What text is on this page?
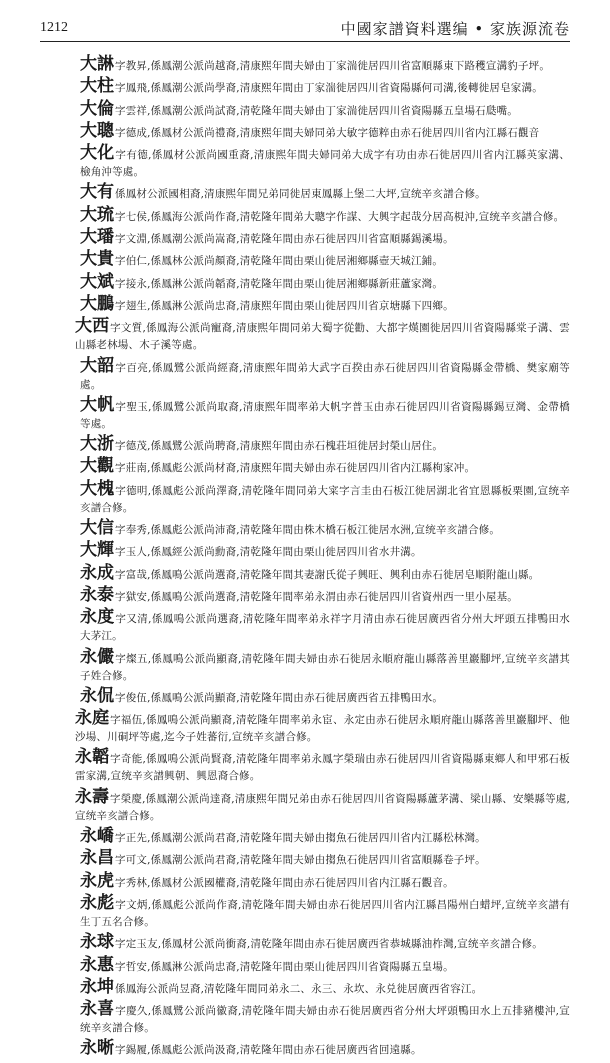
1212	中國家譜資料選编 • 家族源流卷
大諃字教昇,係鳳潮公派尚越裔,清康熙年間夫婦由丁家湍徙居四川省富順縣東下路穫宣溝豹子坪。
大柱字鳳飛,係鳳潮公派尚學裔,清康熙年間由丁家湍徙居四川省資陽縣何司溝,後轉徙居皂家溝。
大倫字雲祥,係鳳潮公派尚試裔,清乾隆年間夫婦由丁家湍徙居四川省資陽縣五皇場石瓞嘴。
大聰字德成,係鳳材公派尚禮裔,清康熙年間夫婦同弟大敏字德粹由赤石徙居四川省内江縣石觀音
大化字有德,係鳳材公派尚國重裔,清康熙年間夫婦同弟大成字有功由赤石徙居四川省内江縣英家溝、檢角沖等處。
大有係鳳材公派國相裔,清康熙年間兄弟同徙居東鳳縣上堡二大坪,宣统辛亥譜合修。
大琉字七侯,係鳳海公派尚作裔,清乾隆年間弟大聰字作謀、大興字起哉分居高梘沖,宣统辛亥譜合修。
大璠字文淵,係鳳潮公派尚嵩裔,清乾隆年間由赤石徙居四川省富順縣錫溪場。
大貴字伯仁,係鳳林公派尚顏裔,清乾隆年間由栗山徙居湘鄉縣壺天城江鋪。
大斌字接永,係鳳淋公派尚韜裔,清乾隆年間由栗山徙居湘鄉縣新莊蘆家灣。
大鵬字翅生,係鳳淋公派尚忠裔,清康熙年間由栗山徙居四川省京塘縣下四鄉。
大西字文質,係鳳海公派尚寵裔,清康熙年間同弟大蜀字從勸、大都字熯園徙居四川省資陽縣棠子溝、雲山縣老林場、木子溪等處。
大韶字百亮,係鳳鷺公派尚經裔,清康熙年間弟大武字百揆由赤石徙居四川省資陽縣金帶橋、樊家廟等處。
大帆字聖玉,係鳳鷺公派尚取裔,清康熙年間率弟大帆字普玉由赤石徙居四川省資陽縣錫豆灣、金帶橋等處。
大浙字德茂,係鳳鷺公派尚聘裔,清康熙年間由赤石槐荘垣徙居封榮山居住。
大觀字莊南,係鳳彪公派尚材裔,清康熙年間夫婦由赤石徙居四川省内江縣枸家冲。
大槐字德明,係鳳彪公派尚澤裔,清乾隆年間同弟大寀字言圭由石板江徙居湖北省宜恩縣板栗園,宣统辛亥譜合修。
大信字奉秀,係鳳彪公派尚沛裔,清乾隆年間由株木橋石板江徙居水洲,宣统辛亥譜合修。
大輝字玉人,係鳳經公派尚勳裔,清乾隆年間由栗山徙居四川省水井溝。
永成字富哉,係鳳鳴公派尚選裔,清乾隆年間其妻謝氏從子興旺、興利由赤石徙居皂順附龍山縣。
永泰字獄安,係鳳鳴公派尚選裔,清乾隆年間率弟永渭由赤石徙居四川省資州西一里小屋基。
永度字又清,係鳳鳴公派尚選裔,清乾隆年間率弟永祥字月清由赤石徙居廣西省分州大坪頭五排鴨田水大茅江。
永儼字燦五,係鳳鳴公派尚顯裔,清乾隆年間夫婦由赤石徙居永順府龍山縣落善里巖腳坪,宣统辛亥譜其子姓合修。
永侃字俊伍,係鳳鳴公派尚顯裔,清乾隆年間由赤石徙居廣西省五排鴨田水。
永庭字福伍,係鳳鳴公派尚顯裔,清乾隆年間率弟永宦、永定由赤石徙居永順府龍山縣落善里巖腳坪、他沙場、川硐坪等處,迄今子姓蕃衍,宣统辛亥譜合修。
永韜字奇能,係鳳鳴公派尚賢裔,清乾隆年間率弟永鳳字榮瑞由赤石徙居四川省資陽縣東鄉人和甲邪石板雷家溝,宣统辛亥譜興朝、興恩裔合修。
永壽字榮慶,係鳳潮公派尚達裔,清康熙年間兄弟由赤石徙居四川省資陽縣蘆茅溝、梁山縣、安樂縣等處,宣统辛亥譜合修。
永嶠字正先,係鳳潮公派尚君裔,清乾隆年間夫婦由搊魚石徙居四川省内江縣松林灣。
永昌字可文,係鳳潮公派尚君裔,清乾隆年間夫婦由搊魚石徙居四川省富順縣卷子坪。
永虎字秀林,係鳳材公派國權裔,清乾隆年間由赤石徙居四川省内江縣石觀音。
永彪字文炳,係鳳彪公派尚作裔,清乾隆年間夫婦由赤石徙居四川省内江縣昌陽州白蜡坪,宣统辛亥譜有生丁五名合修。
永球字定玉友,係鳳材公派尚衝裔,清乾隆年間由赤石徙居廣西省恭城縣油柞灣,宣统辛亥譜合修。
永惠字哲安,係鳳淋公派尚忠裔,清乾隆年間由栗山徙居四川省資陽縣五皇場。
永坤係鳳海公派尚昱裔,清乾隆年間同弟永二、永三、永坎、永兑徙居廣西省容江。
永喜字慶久,係鳳鷺公派尚徽裔,清乾隆年間夫婦由赤石徙居廣西省分州大坪頭鴨田水上五排豬樓沖,宣统辛亥譜合修。
永晰字錫履,係鳳彪公派尚汲裔,清乾隆年間由赤石徙居廣西省回遠縣。
